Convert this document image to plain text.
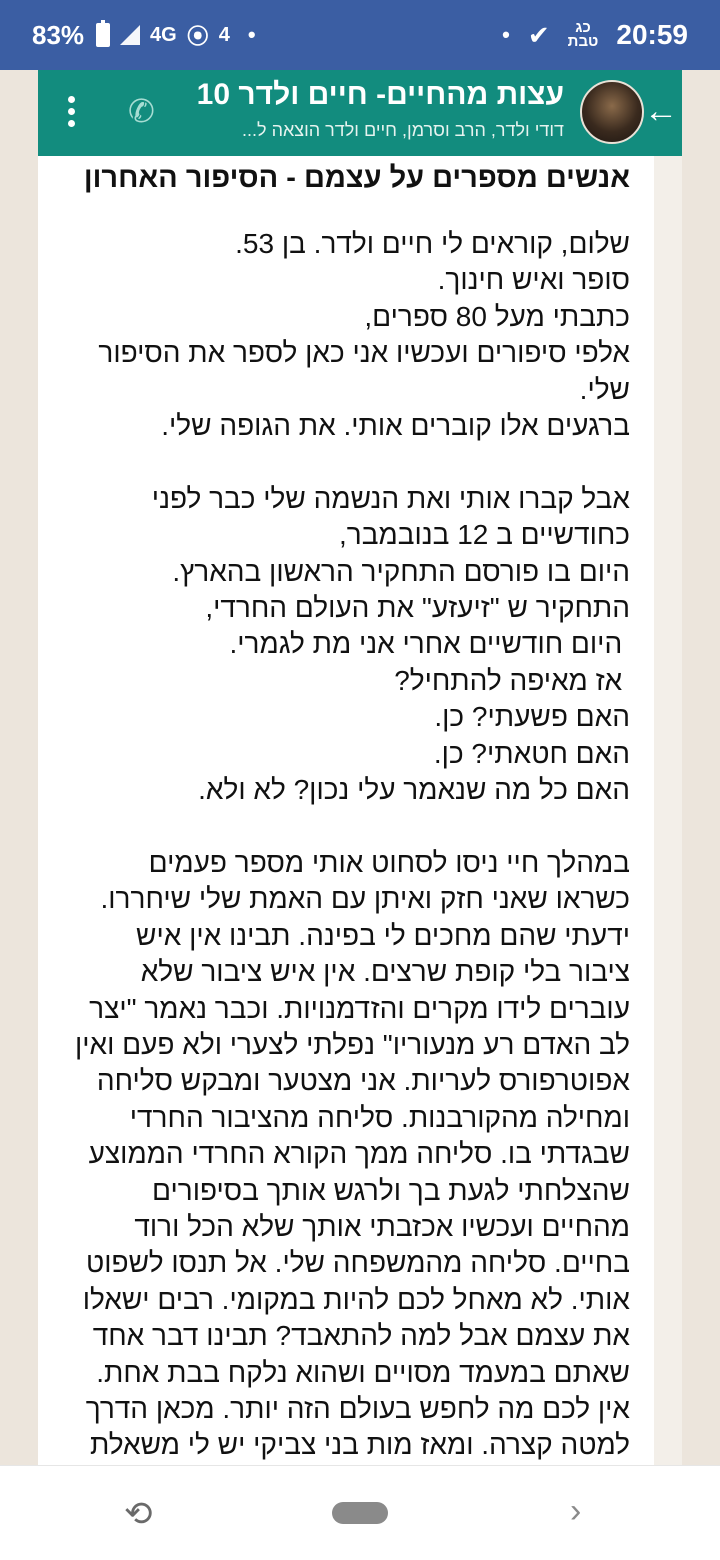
83%	4G ⦿ 4 •	• ✔ כג
טבת 20:59
←
עצות מהחיים- חיים ולדר 10
דודי ולדר, הרב וסרמן, חיים ולדר הוצאה ל...
✆
אנשים מספרים על עצמם - הסיפור האחרון
שלום, קוראים לי חיים ולדר. בן 53.
סופר ואיש חינוך.
כתבתי מעל 80 ספרים,
אלפי סיפורים ועכשיו אני כאן לספר את הסיפור שלי.
ברגעים אלו קוברים אותי. את הגופה שלי.

אבל קברו אותי ואת הנשמה שלי כבר לפני כחודשיים ב 12 בנובמבר,
היום בו פורסם התחקיר הראשון בהארץ.
התחקיר ש "זיעזע" את העולם החרדי,
היום חודשיים אחרי אני מת לגמרי.
אז מאיפה להתחיל?
האם פשעתי? כן.
האם חטאתי? כן.
האם כל מה שנאמר עלי נכון? לא ולא.

במהלך חיי ניסו לסחוט אותי מספר פעמים כשראו שאני חזק ואיתן עם האמת שלי שיחררו. ידעתי שהם מחכים לי בפינה. תבינו אין איש ציבור בלי קופת שרצים. אין איש ציבור שלא עוברים לידו מקרים והזדמנויות. וכבר נאמר "יצר לב האדם רע מנעוריו" נפלתי לצערי ולא פעם ואין אפוטרפורס לעריות. אני מצטער ומבקש סליחה ומחילה מהקורבנות. סליחה מהציבור החרדי שבגדתי בו. סליחה ממך הקורא החרדי הממוצע שהצלחתי לגעת בך ולרגש אותך בסיפורים מהחיים ועכשיו אכזבתי אותך שלא הכל ורוד בחיים. סליחה מהמשפחה שלי. אל תנסו לשפוט אותי. לא מאחל לכם להיות במקומי. רבים ישאלו את עצמם אבל למה להתאבד? תבינו דבר אחד שאתם במעמד מסויים ושהוא נלקח בבת אחת. אין לכם מה לחפש בעולם הזה יותר. מכאן הדרך למטה קצרה. ומאז מות בני צביקי יש לי משאלת
⟲	›
